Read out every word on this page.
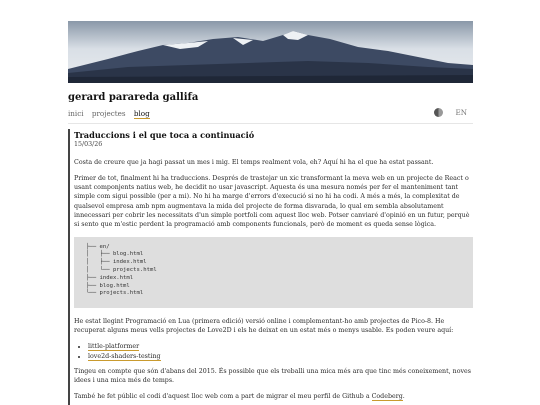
gerard parareda gallifa
inici projectes blog	EN
Traduccions i el que toca a continuació
15/03/26

Costa de creure que ja hagi passat un mes i mig. El temps realment vola, eh? Aquí hi ha el que ha estat passant.

Primer de tot, finalment hi ha traduccions. Després de trastejar un xic transformant la meva web en un projecte de React o usant componjents natius web, he decidit no usar javascript. Aquesta és una mesura només per fer el manteniment tant simple com sigui possible (per a mi). No hi ha marge d'errors d'execució si no hi ha codi. A més a més, la complexitat de qualsevol empresa amb npm augmentava la mida del projecte de forma disvarada, lo qual em sembla absolutament innecessari per cobrir les necessitats d'un simple portfoli com aquest lloc web. Potser canviaré d'opinió en un futur, perquè si sento que m'estic perdent la programació amb components funcionals, però de moment es queda sense lògica.

├── en/
│   ├── blog.html
│   ├── index.html
│   └── projects.html
├── index.html
├── blog.html
└── projects.html

He estat llegint Programació en Lua (primera edició) versió online i complementant-ho amb projectes de Pico-8. He recuperat alguns meus vells projectes de Love2D i els he deixat en un estat més o menys usable. Es poden veure aquí:

• little-platformer
• love2d-shaders-testing

Tingeu en compte que són d'abans del 2015. És possible que els treballi una mica més ara que tinc més coneixement, noves idees i una mica més de temps.

També he fet públic el codi d'aquest lloc web com a part de migrar el meu perfil de Github a Codeberg.
